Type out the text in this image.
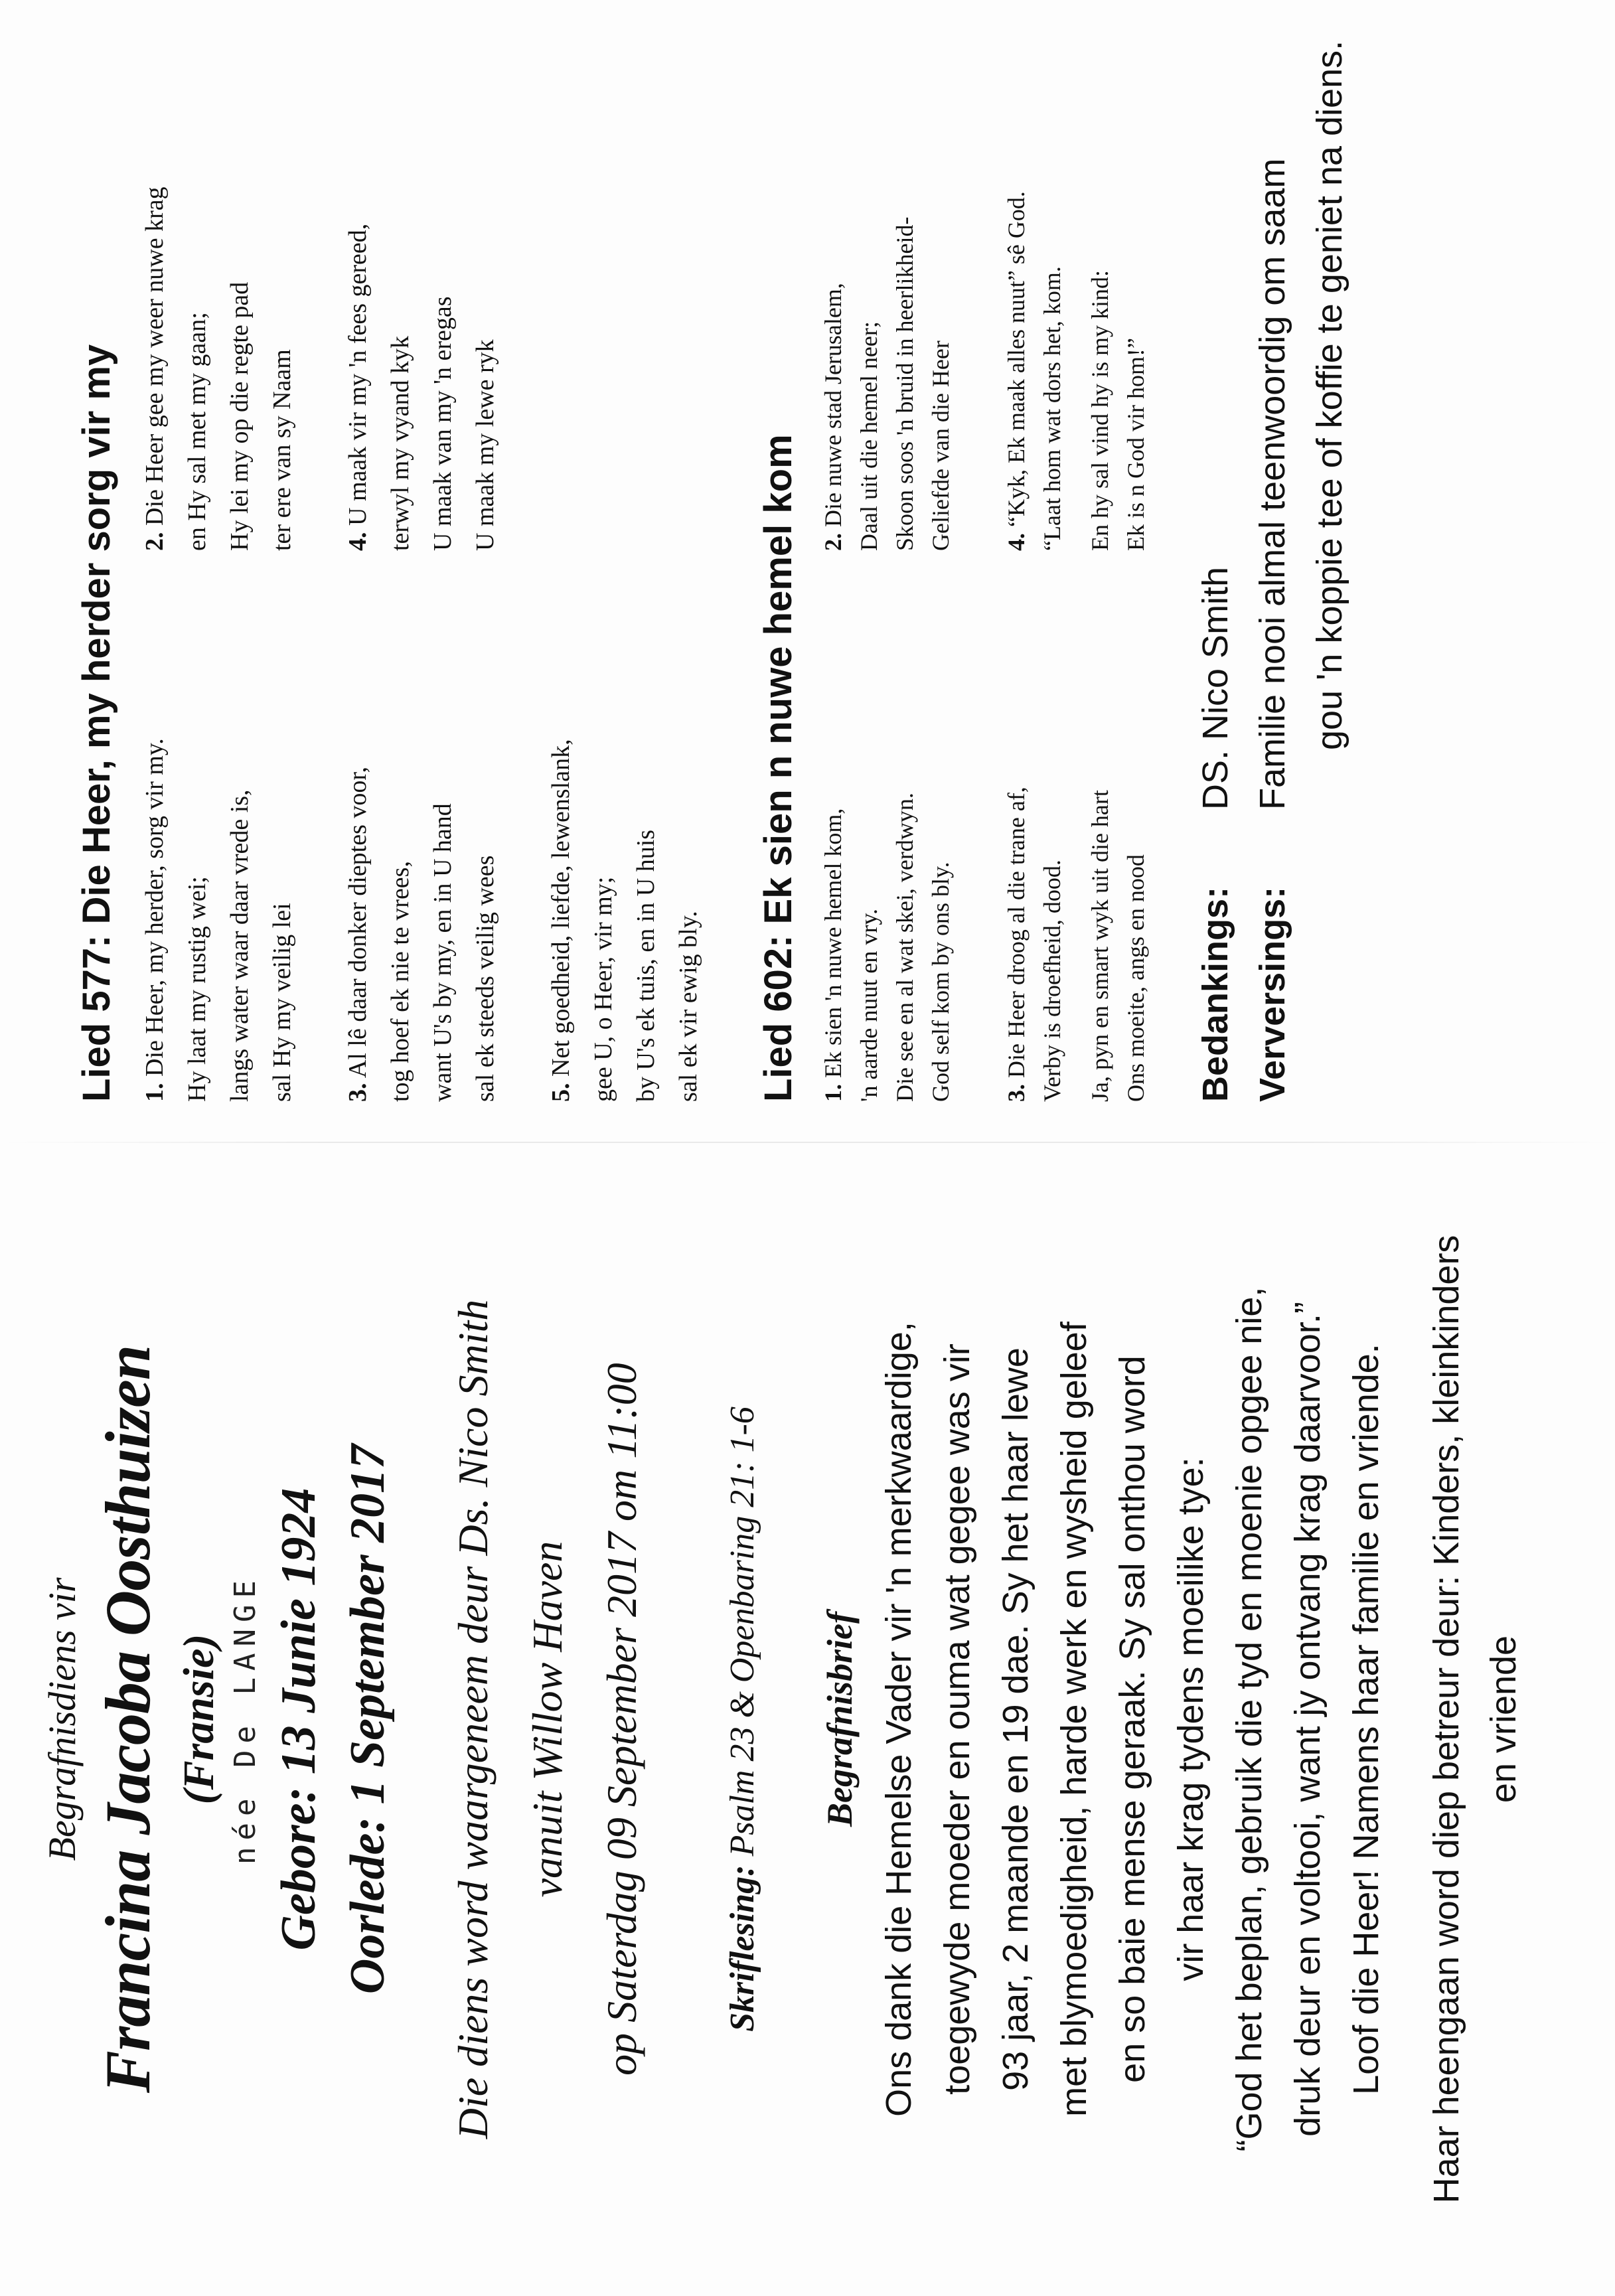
Begrafnisdiens vir Francina Jacoba Oosthuizen (Fransie) née De LANGE Gebore: 13 Junie 1924 Oorlede: 1 September 2017	Die diens word waargeneem deur Ds. Nico Smith vanuit Willow Haven op Saterdag 09 September 2017 om 11:00	Skriflesing: Psalm 23 & Openbaring 21: 1-6 Begrafnisbrief Ons dank die Hemelse Vader vir 'n merkwaardige, toegewyde moeder en ouma wat gegee was vir 93 jaar, 2 maande en 19 dae. Sy het haar lewe met blymoedigheid, harde werk en wysheid geleef en so baie mense geraak. Sy sal onthou word vir haar krag tydens moeilike tye: “God het beplan, gebruik die tyd en moenie opgee nie, druk deur en voltooi, want jy ontvang krag daarvoor.” Loof die Heer! Namens haar familie en vriende. Haar heengaan word diep betreur deur: Kinders, kleinkinders en vriende
Lied 577: Die Heer, my herder sorg vir my 1. Die Heer, my herder, sorg vir my. Hy laat my rustig wei; langs water waar daar vrede is, sal Hy my veilig lei
2. Die Heer gee my weer nuwe krag en Hy sal met my gaan; Hy lei my op die regte pad ter ere van sy Naam
3. Al lê daar donker dieptes voor, tog hoef ek nie te vrees, want U's by my, en in U hand sal ek steeds veilig wees
4. U maak vir my 'n fees gereed, terwyl my vyand kyk U maak van my 'n eregas U maak my lewe ryk
5. Net goedheid, liefde, lewenslank, gee U, o Heer, vir my; by U's ek tuis, en in U huis sal ek vir ewig bly. Lied 602: Ek sien n nuwe hemel kom 1. Ek sien 'n nuwe hemel kom, 'n aarde nuut en vry. Die see en al wat skei, verdwyn. God self kom by ons bly.
2. Die nuwe stad Jerusalem, Daal uit die hemel neer; Skoon soos 'n bruid in heerlikheid- Geliefde van die Heer
3. Die Heer droog al die trane af, Verby is droefheid, dood. Ja, pyn en smart wyk uit die hart Ons moeite, angs en nood
4. “Kyk, Ek maak alles nuut” sê God. “Laat hom wat dors het, kom. En hy sal vind hy is my kind: Ek is n God vir hom!”
Bedankings:
DS. Nico Smith
Verversings:
Familie nooi almal teenwoordig om saam gou 'n koppie tee of koffie te geniet na diens.
